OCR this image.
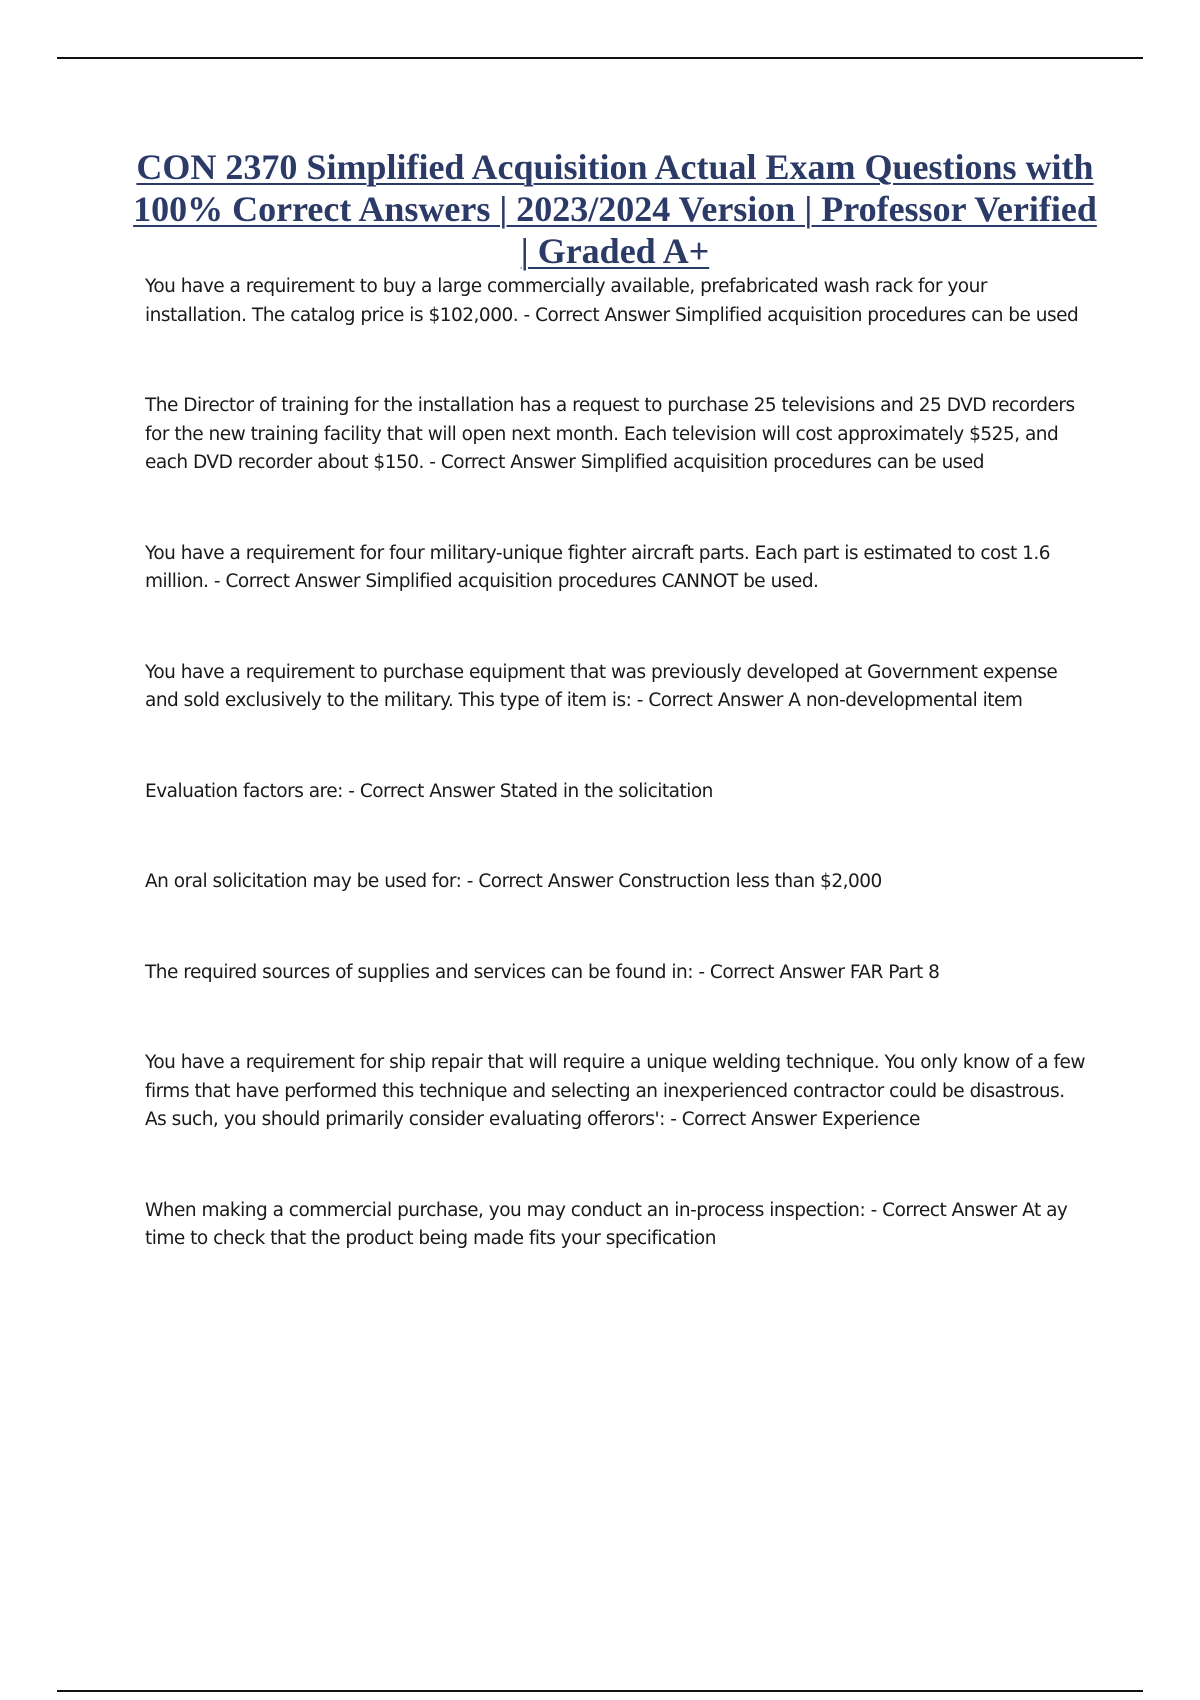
CON 2370 Simplified Acquisition Actual Exam Questions with 100% Correct Answers | 2023/2024 Version | Professor Verified | Graded A+

You have a requirement to buy a large commercially available, prefabricated wash rack for your installation. The catalog price is $102,000. - Correct Answer Simplified acquisition procedures can be used

The Director of training for the installation has a request to purchase 25 televisions and 25 DVD recorders for the new training facility that will open next month. Each television will cost approximately $525, and each DVD recorder about $150. - Correct Answer Simplified acquisition procedures can be used

You have a requirement for four military-unique fighter aircraft parts. Each part is estimated to cost 1.6 million. - Correct Answer Simplified acquisition procedures CANNOT be used.

You have a requirement to purchase equipment that was previously developed at Government expense and sold exclusively to the military. This type of item is: - Correct Answer A non-developmental item

Evaluation factors are: - Correct Answer Stated in the solicitation

An oral solicitation may be used for: - Correct Answer Construction less than $2,000

The required sources of supplies and services can be found in: - Correct Answer FAR Part 8

You have a requirement for ship repair that will require a unique welding technique. You only know of a few firms that have performed this technique and selecting an inexperienced contractor could be disastrous. As such, you should primarily consider evaluating offerors': - Correct Answer Experience

When making a commercial purchase, you may conduct an in-process inspection: - Correct Answer At ay time to check that the product being made fits your specification
